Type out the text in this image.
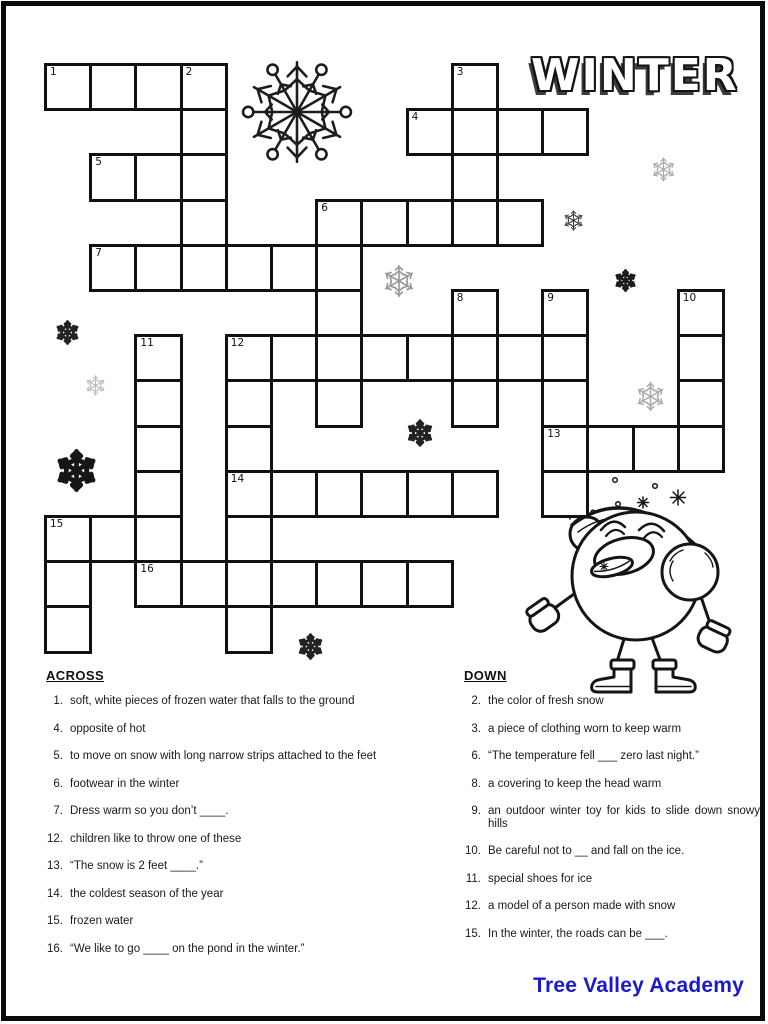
WINTER
1	2	3
4
5
6
7
8	9	10
11	12
13
14
15
16
ACROSS
1. soft, white pieces of frozen water that falls to the ground
4. opposite of hot
5. to move on snow with long narrow strips attached to the feet
6. footwear in the winter
7. Dress warm so you don’t ____.
12. children like to throw one of these
13. “The snow is 2 feet ____.”
14. the coldest season of the year
15. frozen water
16. “We like to go ____ on the pond in the winter.”
DOWN
2. the color of fresh snow
3. a piece of clothing worn to keep warm
6. “The temperature fell ___ zero last night.”
8. a covering to keep the head warm
9. an outdoor winter toy for kids to slide down snowy hills
10. Be careful not to __ and fall on the ice.
11. special shoes for ice
12. a model of a person made with snow
15. In the winter, the roads can be ___.
Tree Valley Academy
